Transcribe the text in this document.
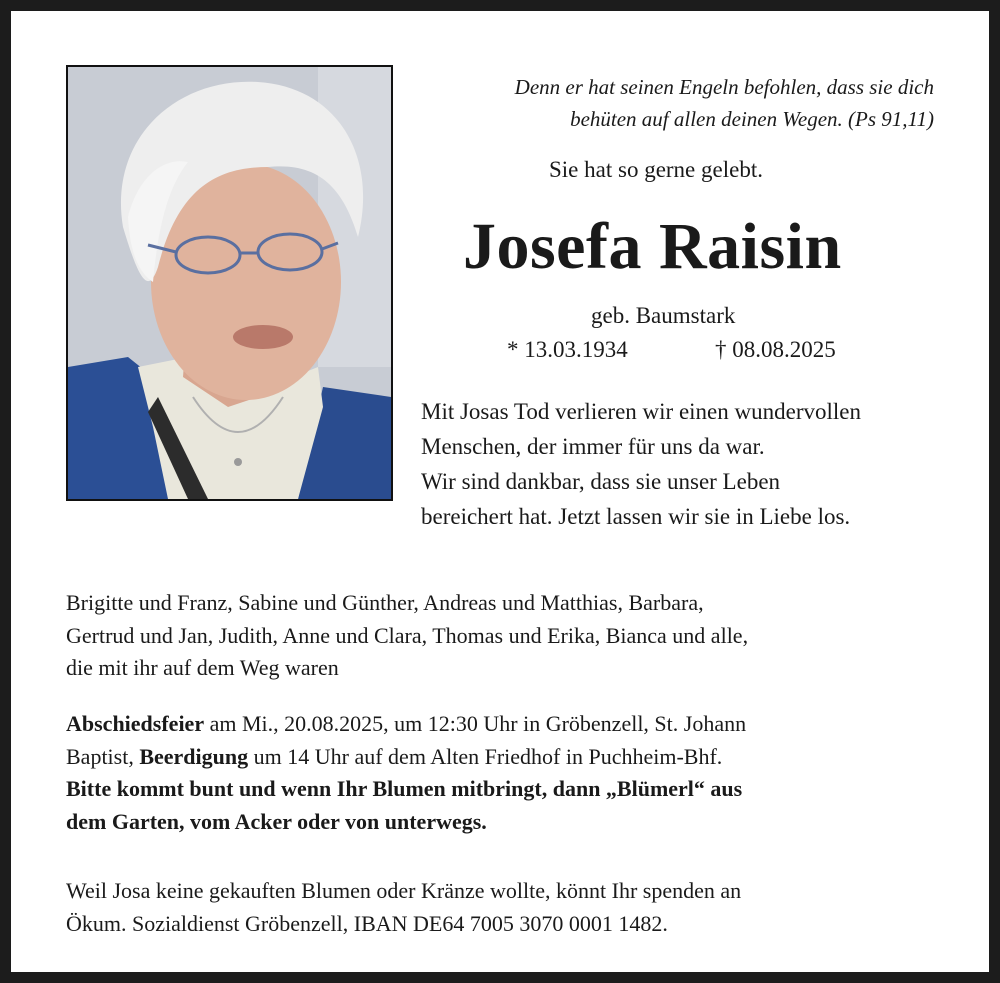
Denn er hat seinen Engeln befohlen, dass sie dich
behüten auf allen deinen Wegen. (Ps 91,11)
Sie hat so gerne gelebt.
Josefa Raisin
geb. Baumstark
* 13.03.1934	† 08.08.2025
Mit Josas Tod verlieren wir einen wundervollen
Menschen, der immer für uns da war.
Wir sind dankbar, dass sie unser Leben
bereichert hat. Jetzt lassen wir sie in Liebe los.
Brigitte und Franz, Sabine und Günther, Andreas und Matthias, Barbara,
Gertrud und Jan, Judith, Anne und Clara, Thomas und Erika, Bianca und alle,
die mit ihr auf dem Weg waren
Abschiedsfeier am Mi., 20.08.2025, um 12:30 Uhr in Gröbenzell, St. Johann
Baptist, Beerdigung um 14 Uhr auf dem Alten Friedhof in Puchheim-Bhf.
Bitte kommt bunt und wenn Ihr Blumen mitbringt, dann „Blümerl“ aus
dem Garten, vom Acker oder von unterwegs.
Weil Josa keine gekauften Blumen oder Kränze wollte, könnt Ihr spenden an
Ökum. Sozialdienst Gröbenzell, IBAN DE64 7005 3070 0001 1482.
